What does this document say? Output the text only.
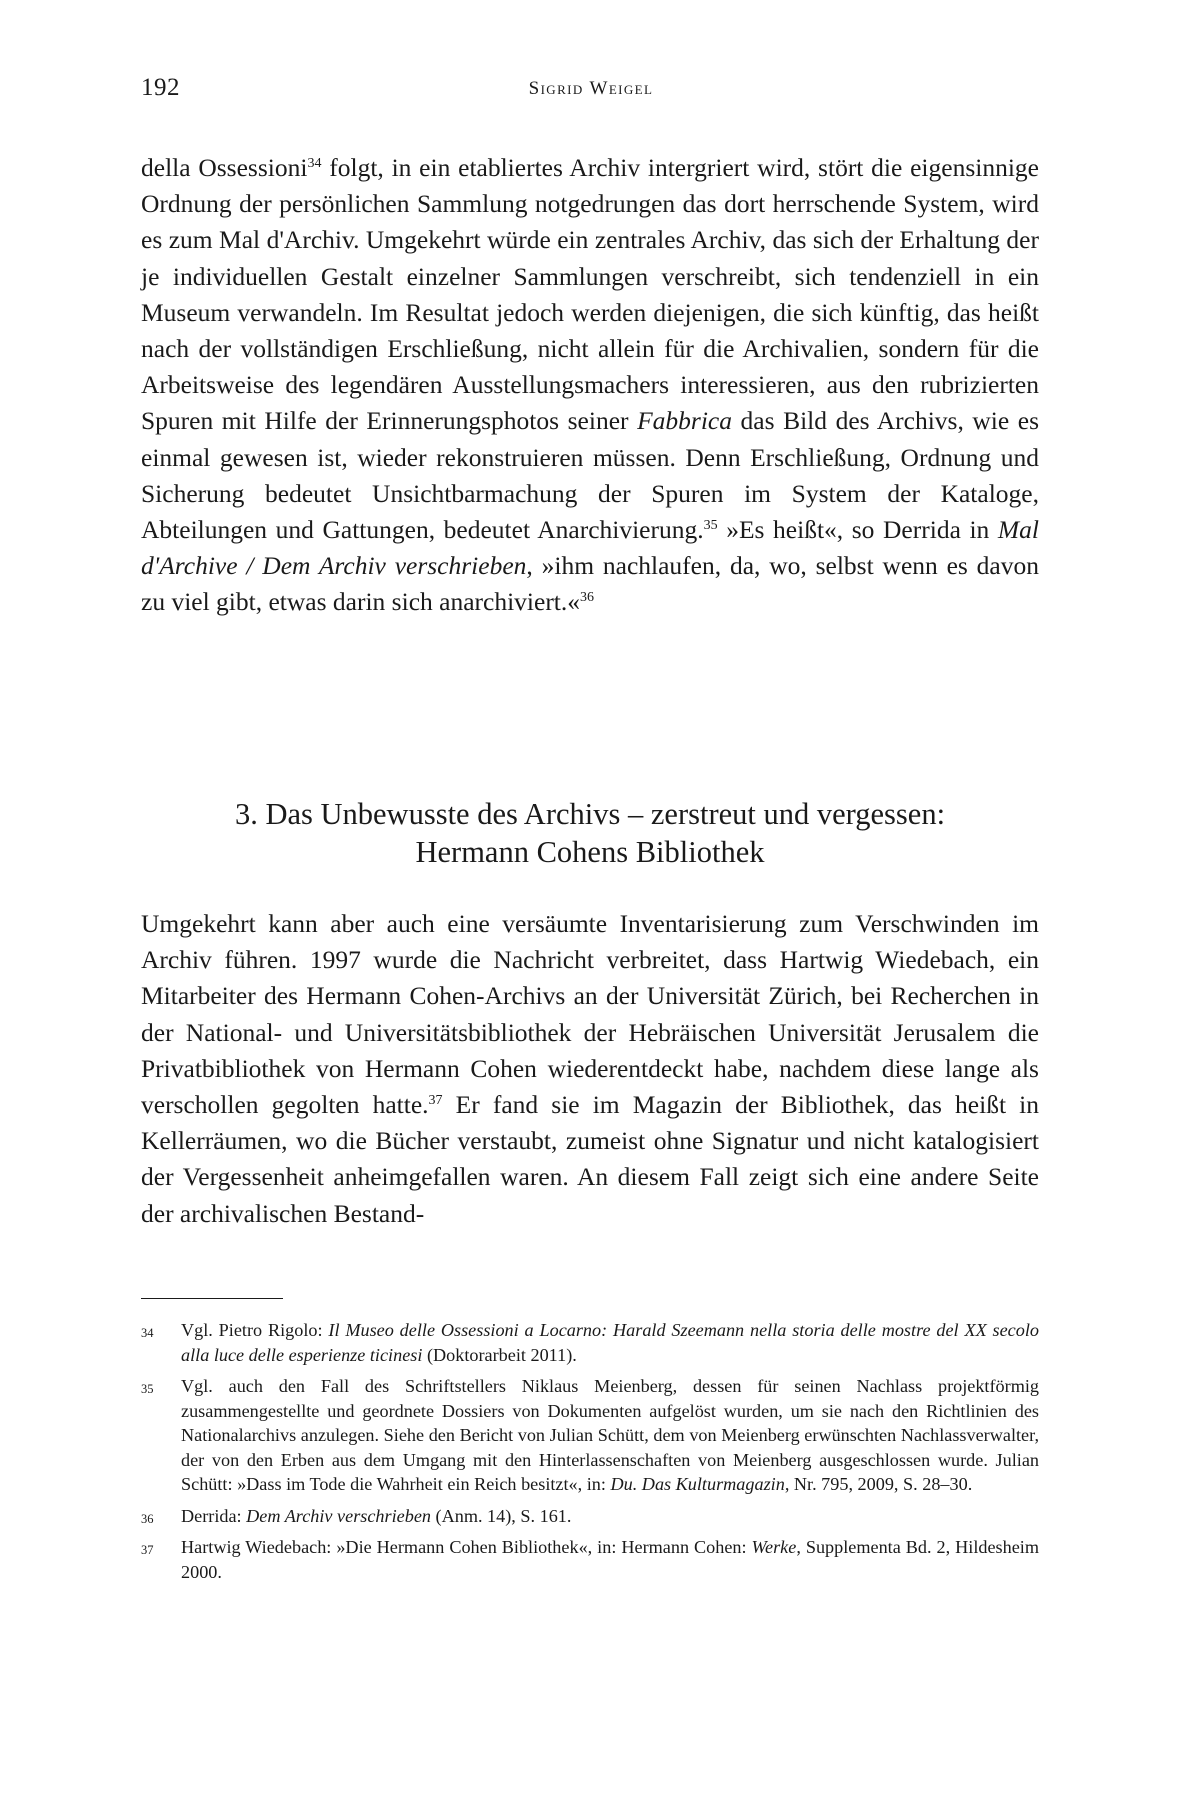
192	Sigrid Weigel

della Ossessioni$^{34}$ folgt, in ein etabliertes Archiv intergriert wird, stört die eigensinnige Ordnung der persönlichen Sammlung notgedrungen das dort herrschende System, wird es zum Mal d'Archiv. Umgekehrt würde ein zentrales Archiv, das sich der Erhaltung der je individuellen Gestalt einzelner Sammlungen verschreibt, sich tendenziell in ein Museum verwandeln. Im Resultat jedoch werden diejenigen, die sich künftig, das heißt nach der vollständigen Erschließung, nicht allein für die Archivalien, sondern für die Arbeitsweise des legendären Ausstellungsmachers interessieren, aus den rubrizierten Spuren mit Hilfe der Erinnerungsphotos seiner Fabbrica das Bild des Archivs, wie es einmal gewesen ist, wieder rekonstruieren müssen. Denn Erschließung, Ordnung und Sicherung bedeutet Unsichtbarmachung der Spuren im System der Kataloge, Abteilungen und Gattungen, bedeutet Anarchivierung.$^{35}$ »Es heißt«, so Derrida in Mal d'Archive / Dem Archiv verschrieben, »ihm nachlaufen, da, wo, selbst wenn es davon zu viel gibt, etwas darin sich anarchiviert.«$^{36}$

3. Das Unbewusste des Archivs – zerstreut und vergessen:
Hermann Cohens Bibliothek

Umgekehrt kann aber auch eine versäumte Inventarisierung zum Verschwinden im Archiv führen. 1997 wurde die Nachricht verbreitet, dass Hartwig Wiedebach, ein Mitarbeiter des Hermann Cohen-Archivs an der Universität Zürich, bei Recherchen in der National- und Universitätsbibliothek der Hebräischen Universität Jerusalem die Privatbibliothek von Hermann Cohen wiederentdeckt habe, nachdem diese lange als verschollen gegolten hatte.$^{37}$ Er fand sie im Magazin der Bibliothek, das heißt in Kellerräumen, wo die Bücher verstaubt, zumeist ohne Signatur und nicht katalogisiert der Vergessenheit anheimgefallen waren. An diesem Fall zeigt sich eine andere Seite der archivalischen Bestand-

34 Vgl. Pietro Rigolo: Il Museo delle Ossessioni a Locarno: Harald Szeemann nella storia delle mostre del XX secolo alla luce delle esperienze ticinesi (Doktorarbeit 2011).
35 Vgl. auch den Fall des Schriftstellers Niklaus Meienberg, dessen für seinen Nachlass projektförmig zusammengestellte und geordnete Dossiers von Dokumenten aufgelöst wurden, um sie nach den Richtlinien des Nationalarchivs anzulegen. Siehe den Bericht von Julian Schütt, dem von Meienberg erwünschten Nachlassverwalter, der von den Erben aus dem Umgang mit den Hinterlassenschaften von Meienberg ausgeschlossen wurde. Julian Schütt: »Dass im Tode die Wahrheit ein Reich besitzt«, in: Du. Das Kulturmagazin, Nr. 795, 2009, S. 28–30.
36 Derrida: Dem Archiv verschrieben (Anm. 14), S. 161.
37 Hartwig Wiedebach: »Die Hermann Cohen Bibliothek«, in: Hermann Cohen: Werke, Supplementa Bd. 2, Hildesheim 2000.
